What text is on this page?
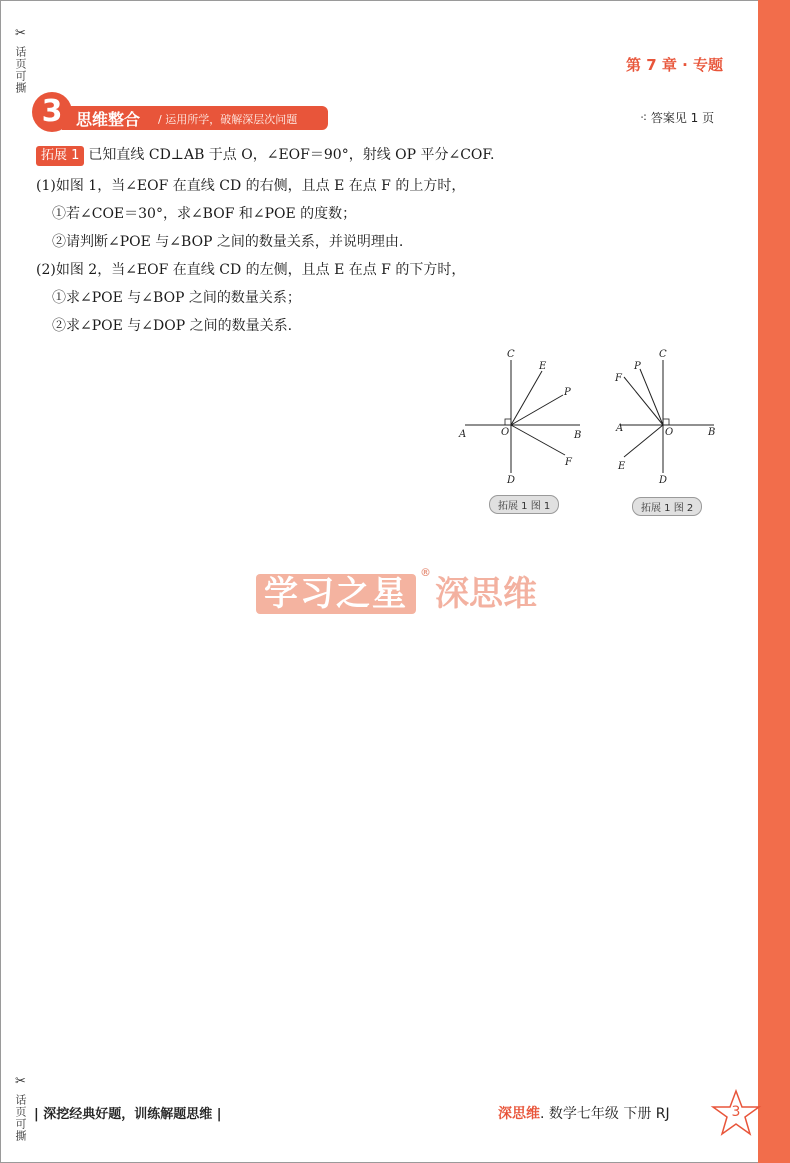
✂话页可撕
✂话页可撕
第 7 章 · 专题
3 思维整合 / 运用所学，破解深层次问题	⁖ 答案见 1 页
拓展 1 已知直线 CD⊥AB 于点 O，∠EOF＝90°，射线 OP 平分∠COF.
(1)如图 1，当∠EOF 在直线 CD 的右侧，且点 E 在点 F 的上方时，
①若∠COE＝30°，求∠BOF 和∠POE 的度数；
②请判断∠POE 与∠BOP 之间的数量关系，并说明理由.
(2)如图 2，当∠EOF 在直线 CD 的左侧，且点 E 在点 F 的下方时，
①求∠POE 与∠BOP 之间的数量关系；
②求∠POE 与∠DOP 之间的数量关系.
C
E
P
A	O	B
D
F
拓展 1 图 1
C
F
P
A	O	B
E
D
拓展 1 图 2
学习之星®深思维
| 深挖经典好题，训练解题思维 |	深思维. 数学七年级 下册 RJ	3
